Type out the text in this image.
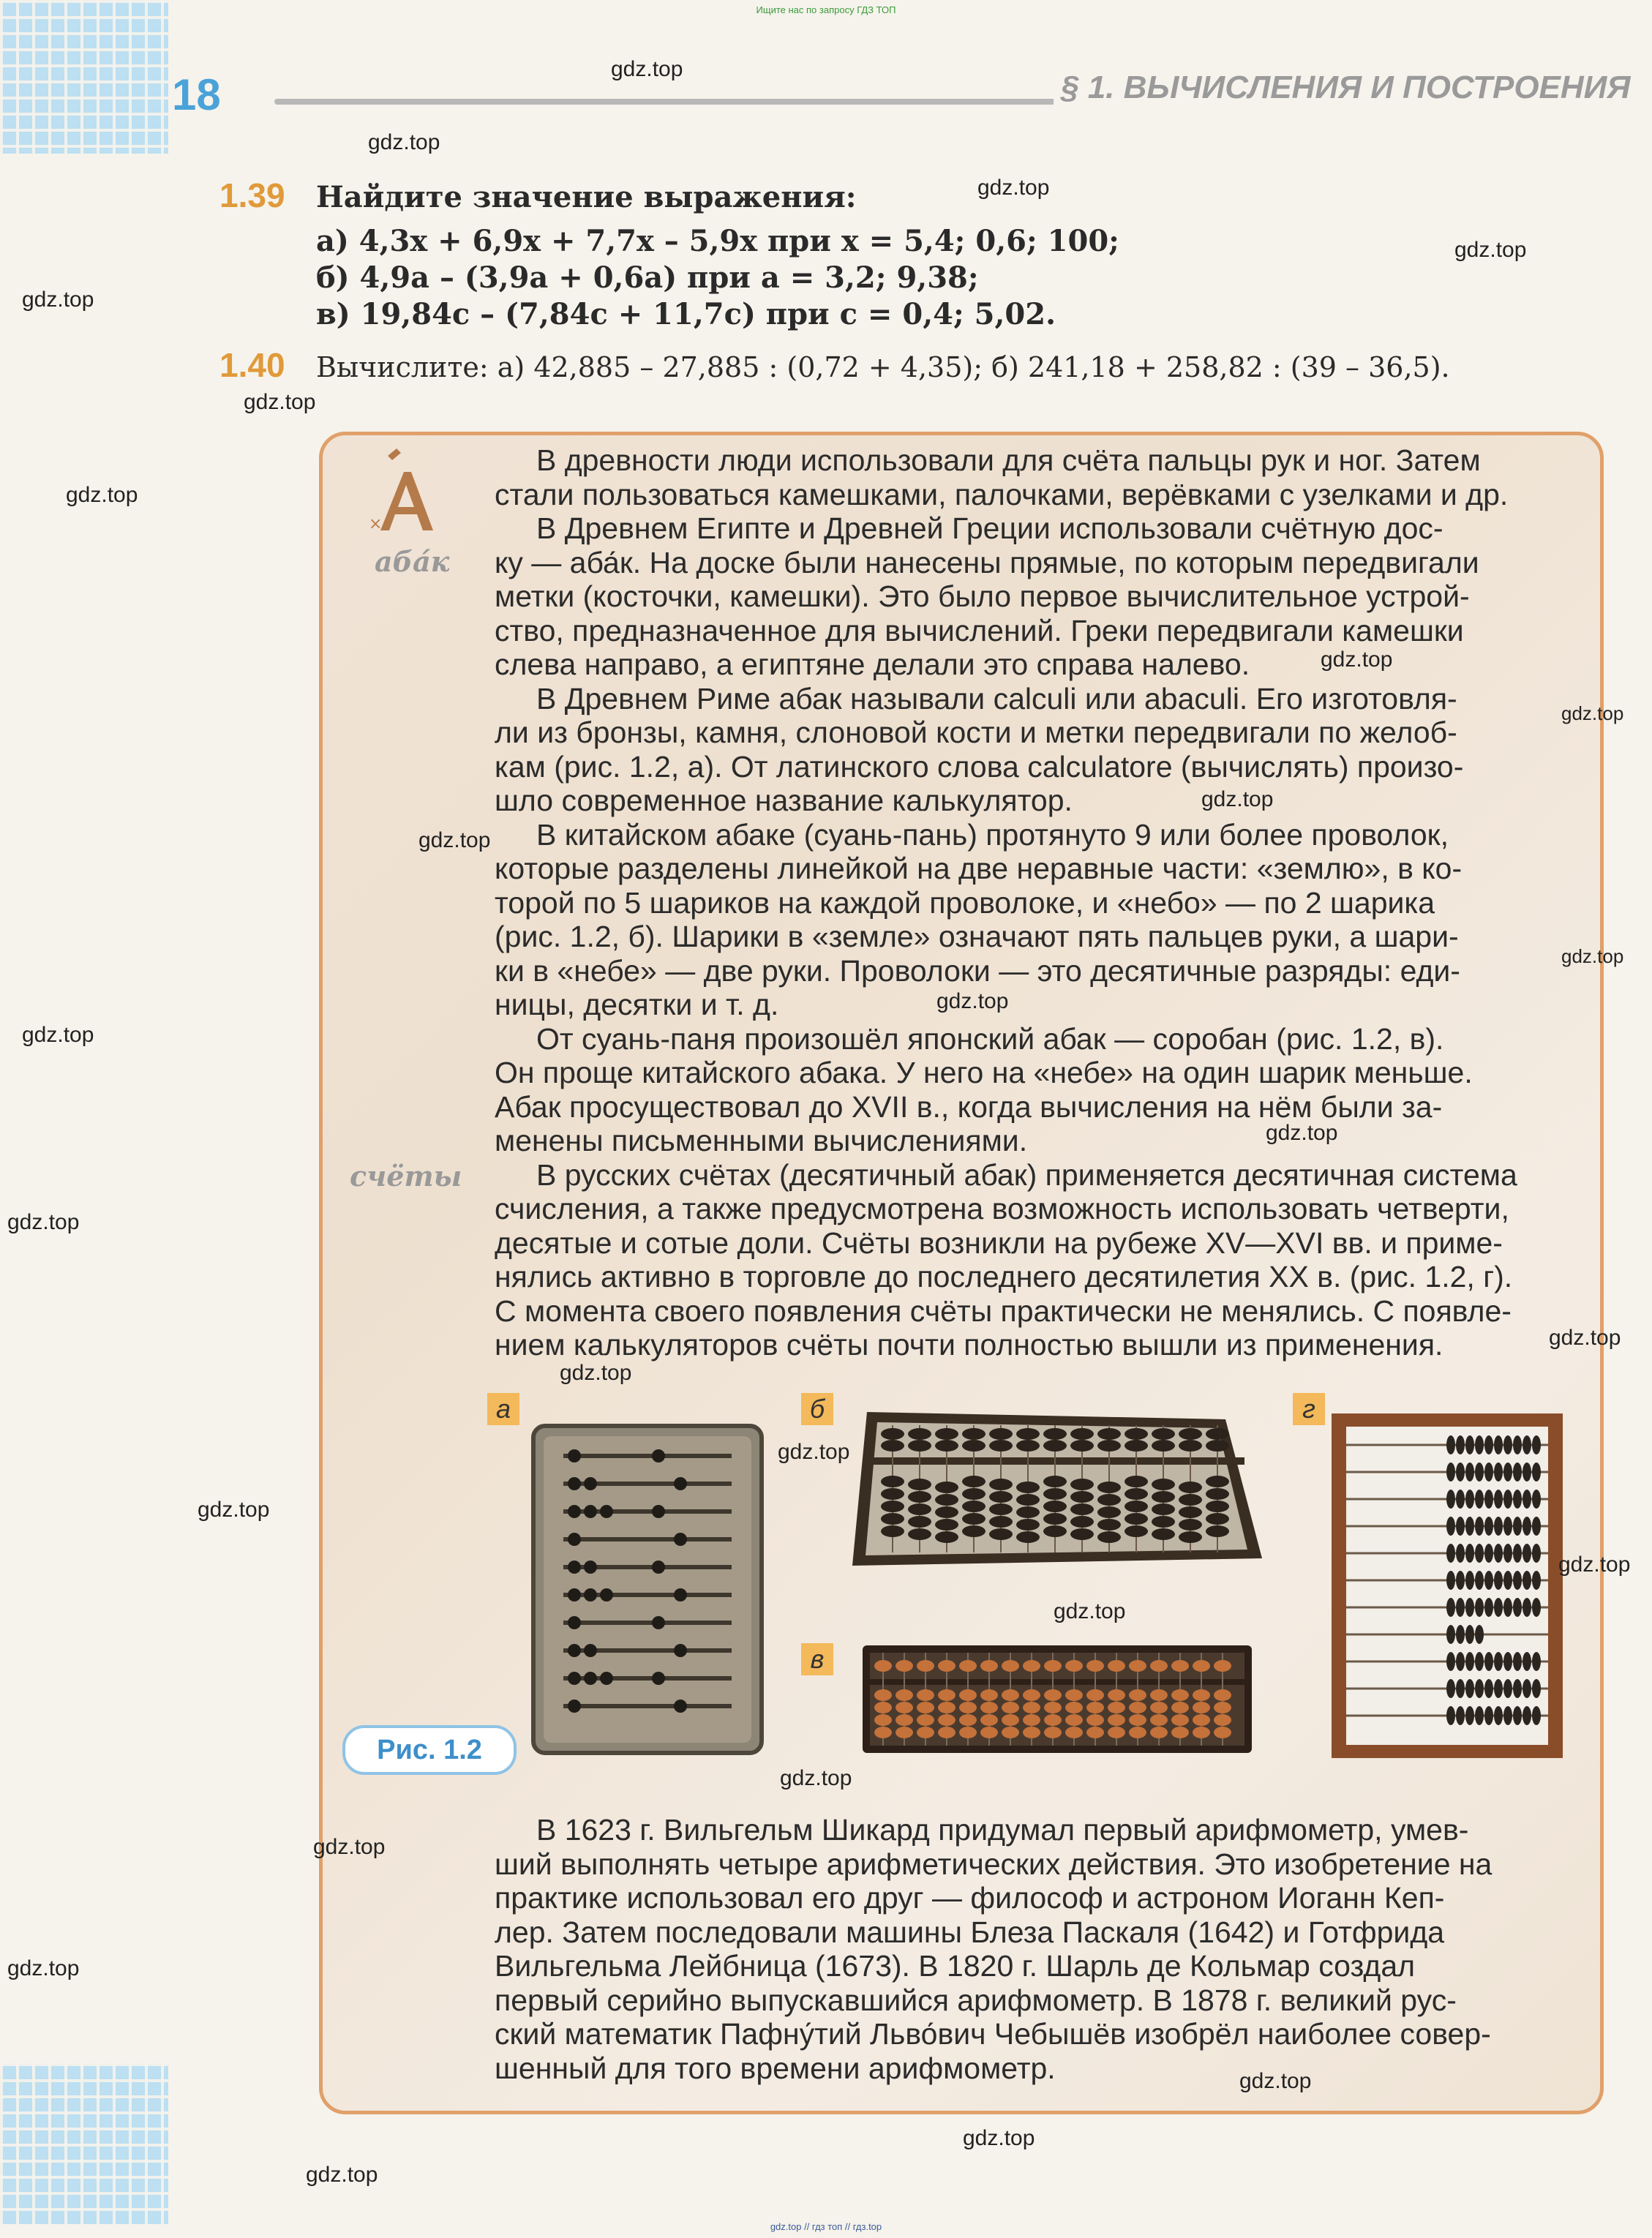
Ищите нас по запросу ГДЗ ТОП
gdz.top // гдз топ // гдз.top
18	§ 1. ВЫЧИСЛЕНИЯ И ПОСТРОЕНИЯ
1.39 Найдите значение выражения:
а) 4,3x + 6,9x + 7,7x – 5,9x при x = 5,4; 0,6; 100;
б) 4,9a – (3,9a + 0,6a) при a = 3,2; 9,38;
в) 19,84c – (7,84c + 11,7c) при c = 0,4; 5,02.
1.40 Вычислите: а) 42,885 – 27,885 : (0,72 + 4,35); б) 241,18 + 258,82 : (39 – 36,5).
×
аба́к
счёты
В древности люди использовали для счёта пальцы рук и ног. Затем
стали пользоваться камешками, палочками, верёвками с узелками и др.
В Древнем Египте и Древней Греции использовали счётную дос-
ку — аба́к. На доске были нанесены прямые, по которым передвигали
метки (косточки, камешки). Это было первое вычислительное устрой-
ство, предназначенное для вычислений. Греки передвигали камешки
слева направо, а египтяне делали это справа налево.
В Древнем Риме абак называли calculi или abaculi. Его изготовля-
ли из бронзы, камня, слоновой кости и метки передвигали по желоб-
кам (рис. 1.2, а). От латинского слова calculatore (вычислять) произо-
шло современное название калькулятор.
В китайском абаке (суань-пань) протянуто 9 или более проволок,
которые разделены линейкой на две неравные части: «землю», в ко-
торой по 5 шариков на каждой проволоке, и «небо» — по 2 шарика
(рис. 1.2, б). Шарики в «земле» означают пять пальцев руки, а шари-
ки в «небе» — две руки. Проволоки — это десятичные разряды: еди-
ницы, десятки и т. д.
От суань-паня произошёл японский абак — соробан (рис. 1.2, в).
Он проще китайского абака. У него на «небе» на один шарик меньше.
Абак просуществовал до XVII в., когда вычисления на нём были за-
менены письменными вычислениями.
В русских счётах (десятичный абак) применяется десятичная система
счисления, а также предусмотрена возможность использовать четверти,
десятые и сотые доли. Счёты возникли на рубеже XV—XVI вв. и приме-
нялись активно в торговле до последнего десятилетия XX в. (рис. 1.2, г).
С момента своего появления счёты практически не менялись. С появле-
нием калькуляторов счёты почти полностью вышли из применения.
а	б
в
г
Рис. 1.2
В 1623 г. Вильгельм Шикард придумал первый арифмометр, умев-
ший выполнять четыре арифметических действия. Это изобретение на
практике использовал его друг — философ и астроном Иоганн Кеп-
лер. Затем последовали машины Блеза Паскаля (1642) и Готфрида
Вильгельма Лейбница (1673). В 1820 г. Шарль де Кольмар создал
первый серийно выпускавшийся арифмометр. В 1878 г. великий рус-
ский математик Пафну́тий Льво́вич Чебышёв изобрёл наиболее совер-
шенный для того времени арифмометр.
gdz.top
gdz.top
gdz.top
gdz.top
gdz.top
gdz.top
gdz.top
gdz.top
gdz.top
gdz.top
gdz.top
gdz.top
gdz.top
gdz.top
gdz.top
gdz.top
gdz.top
gdz.top
gdz.top
gdz.top
gdz.top
gdz.top
gdz.top
gdz.top
gdz.top
gdz.top
gdz.top
gdz.top
